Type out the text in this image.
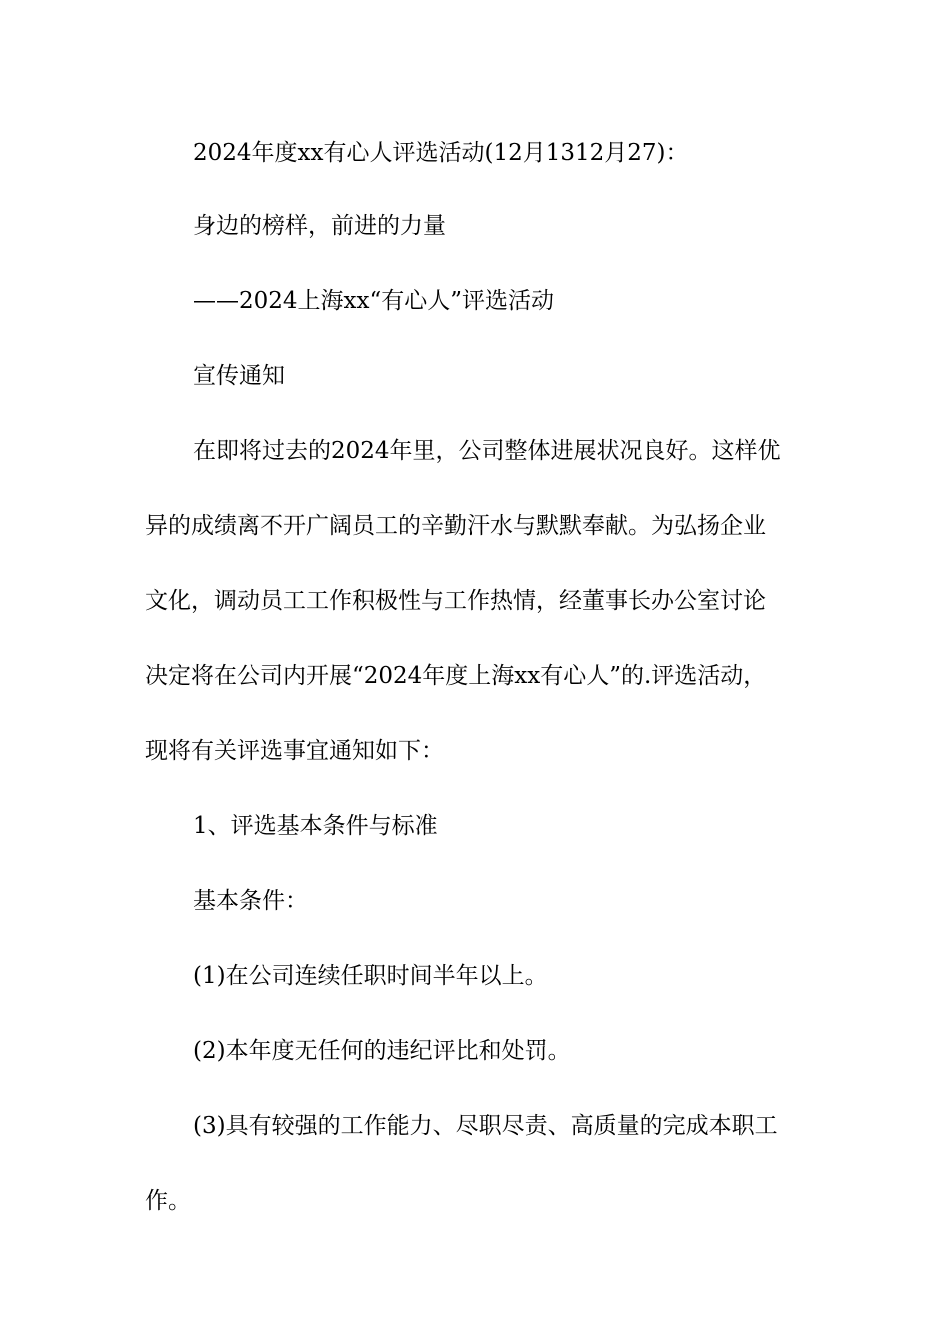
2024年度xx有心人评选活动(12月1312月27)：

身边的榜样，前进的力量

——2024上海xx“有心人”评选活动

宣传通知

在即将过去的2024年里，公司整体进展状况良好。这样优

异的成绩离不开广阔员工的辛勤汗水与默默奉献。为弘扬企业

文化，调动员工工作积极性与工作热情，经董事长办公室讨论

决定将在公司内开展“2024年度上海xx有心人”的.评选活动，

现将有关评选事宜通知如下：

1、评选基本条件与标准

基本条件：

(1)在公司连续任职时间半年以上。

(2)本年度无任何的违纪评比和处罚。

(3)具有较强的工作能力、尽职尽责、高质量的完成本职工

作。
